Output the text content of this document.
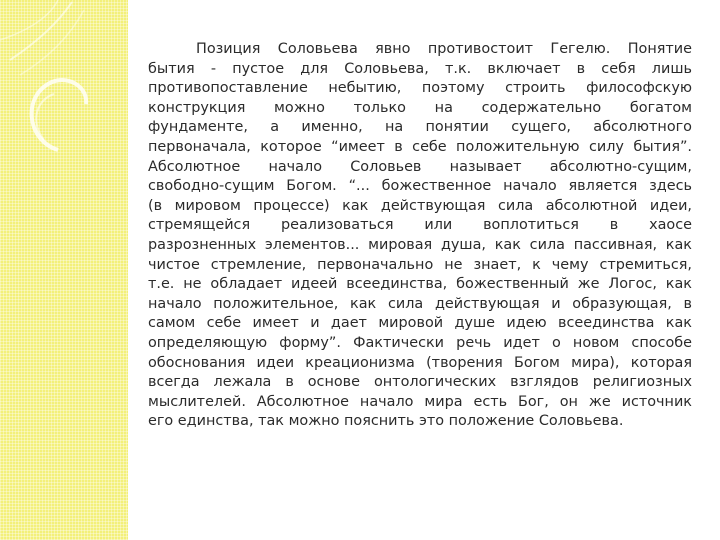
Позиция Соловьева явно противостоит Гегелю. Понятие
бытия - пустое для Соловьева, т.к. включает в себя лишь
противопоставление небытию, поэтому строить философскую
конструкция можно только на содержательно богатом
фундаменте, а именно, на понятии сущего, абсолютного
первоначала, которое “имеет в себе положительную силу бытия”.
Абсолютное начало Соловьев называет абсолютно-сущим,
свободно-сущим Богом. “... божественное начало является здесь
(в мировом процессе) как действующая сила абсолютной идеи,
стремящейся реализоваться или воплотиться в хаосе
разрозненных элементов... мировая душа, как сила пассивная, как
чистое стремление, первоначально не знает, к чему стремиться,
т.е. не обладает идеей всеединства, божественный же Логос, как
начало положительное, как сила действующая и образующая, в
самом себе имеет и дает мировой душе идею всеединства как
определяющую форму”. Фактически речь идет о новом способе
обоснования идеи креационизма (творения Богом мира), которая
всегда лежала в основе онтологических взглядов религиозных
мыслителей. Абсолютное начало мира есть Бог, он же источник
его единства, так можно пояснить это положение Соловьева.
